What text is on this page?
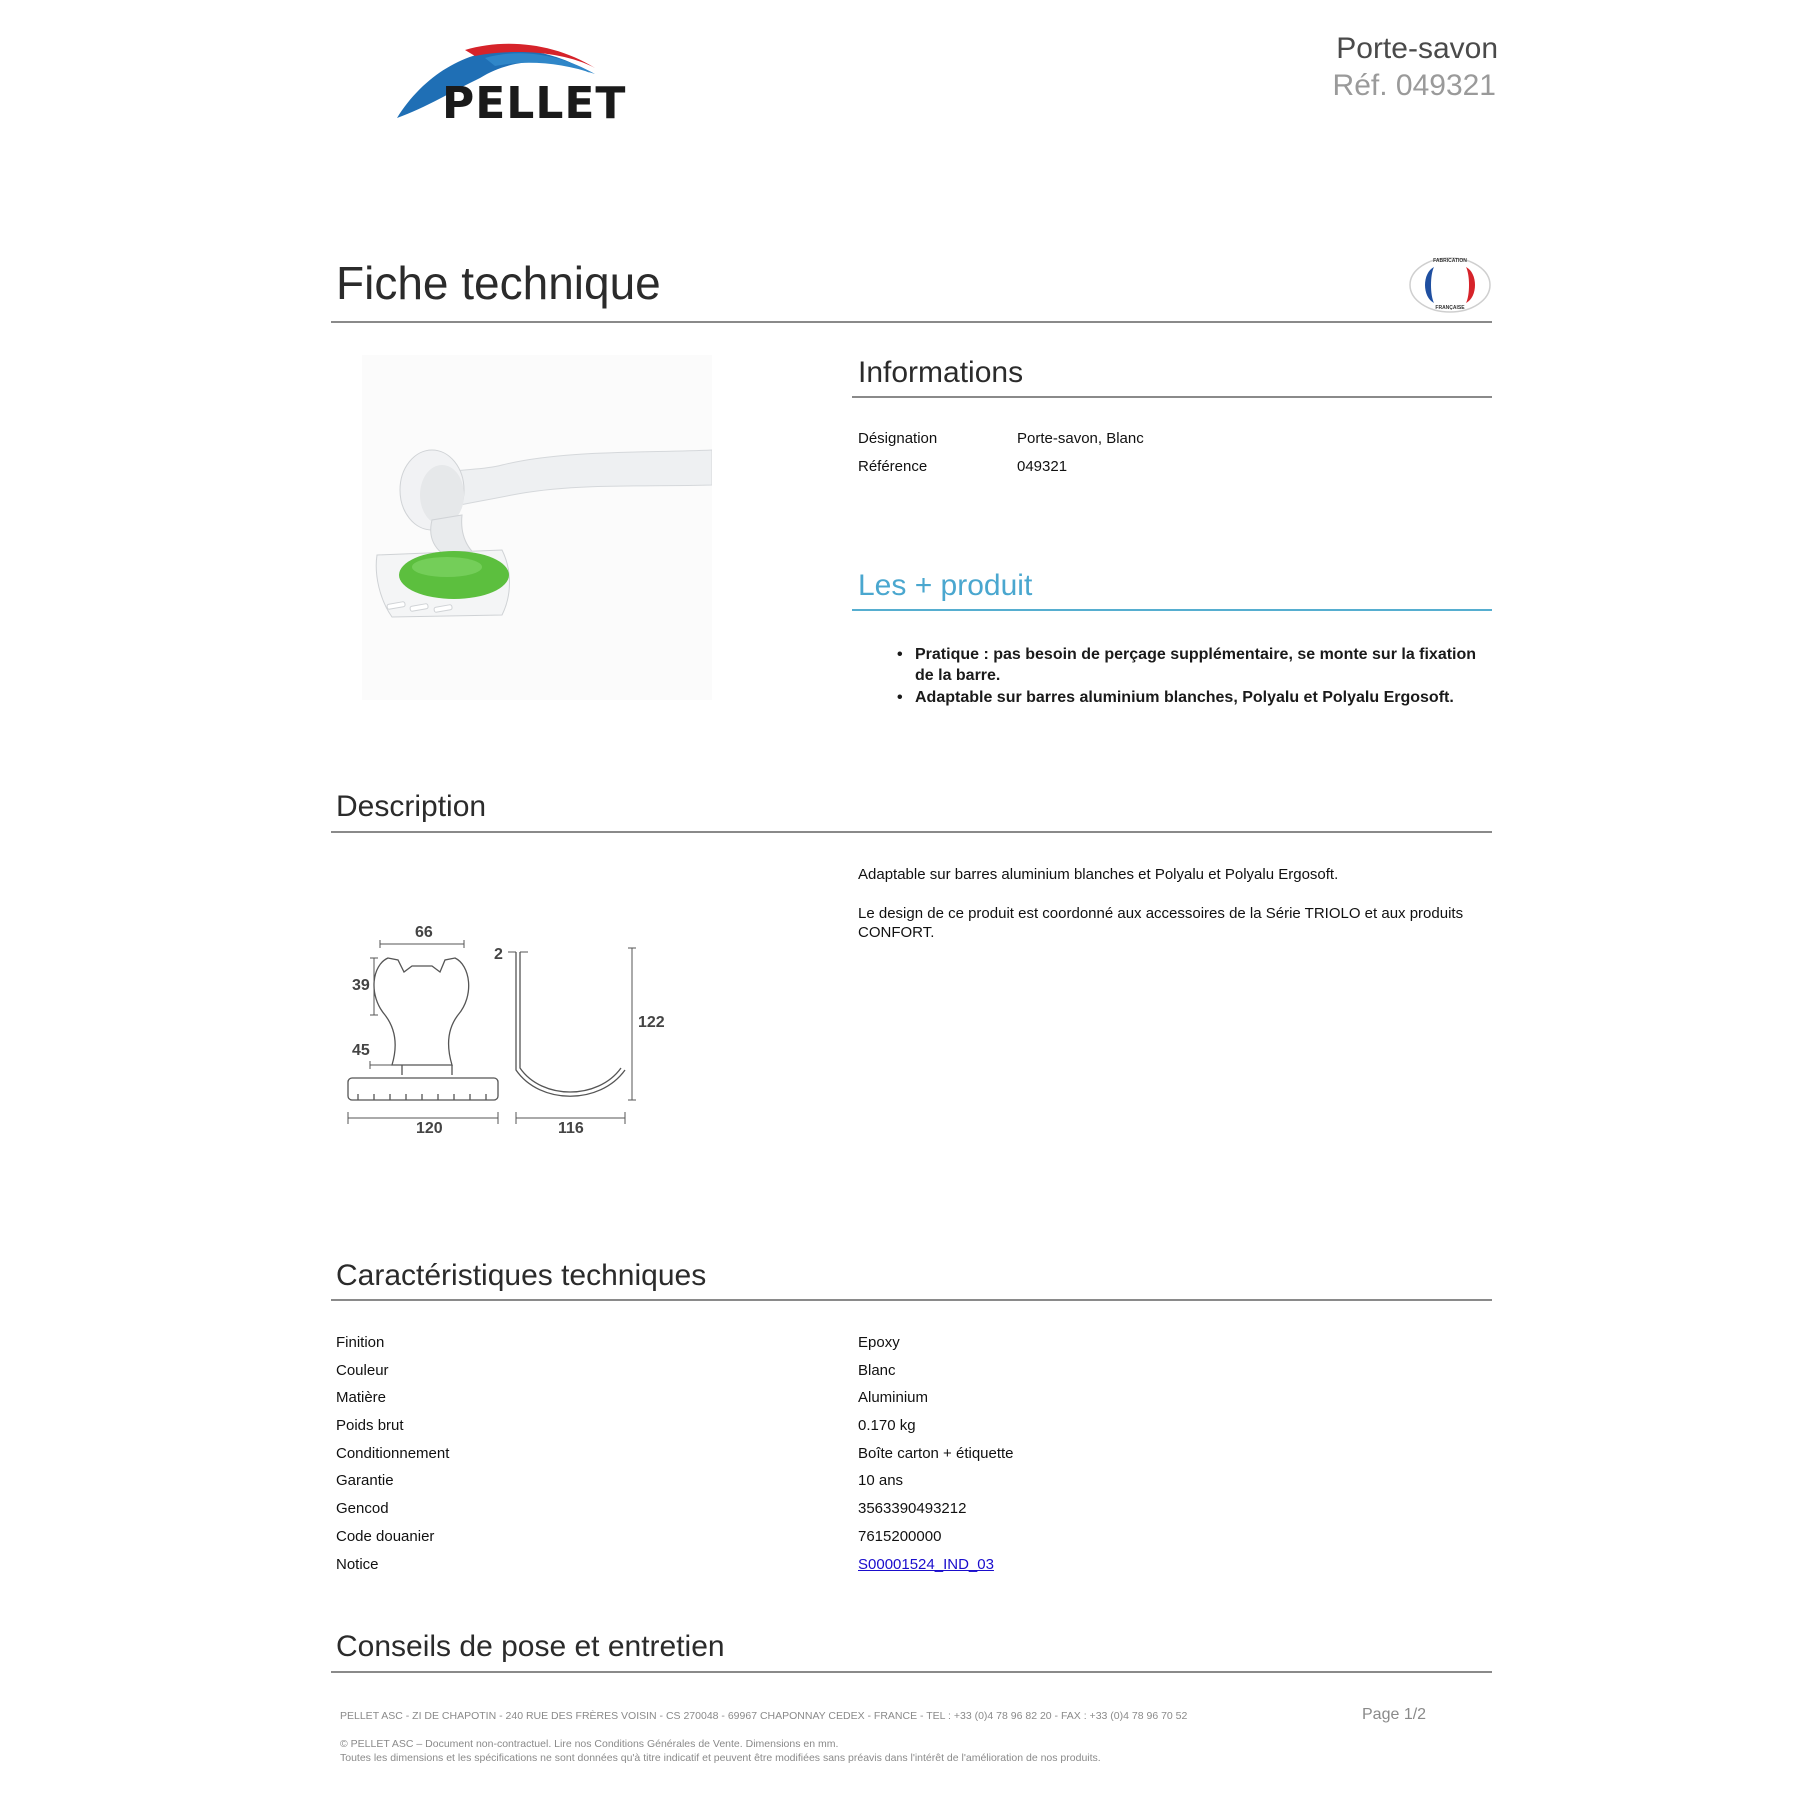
PELLET
Porte-savon
Réf. 049321
Fiche technique	FABRICATION
FRANÇAISE
Informations
Désignation	Porte-savon, Blanc
Référence	049321
Les + produit
• Pratique : pas besoin de perçage supplémentaire, se monte sur la fixation de la barre.
• Adaptable sur barres aluminium blanches, Polyalu et Polyalu Ergosoft.
Description
Adaptable sur barres aluminium blanches et Polyalu et Polyalu Ergosoft.
Le design de ce produit est coordonné aux accessoires de la Série TRIOLO et aux produits CONFORT.
66
39
45
2
122
120	116
Caractéristiques techniques
Finition	Epoxy
Couleur	Blanc
Matière	Aluminium
Poids brut	0.170 kg
Conditionnement	Boîte carton + étiquette
Garantie	10 ans
Gencod	3563390493212
Code douanier	7615200000
Notice	S00001524_IND_03
Conseils de pose et entretien
PELLET ASC - ZI DE CHAPOTIN - 240 RUE DES FRÈRES VOISIN - CS 270048 - 69967 CHAPONNAY CEDEX - FRANCE - TEL : +33 (0)4 78 96 82 20 - FAX : +33 (0)4 78 96 70 52	Page 1/2
© PELLET ASC – Document non-contractuel. Lire nos Conditions Générales de Vente. Dimensions en mm.
Toutes les dimensions et les spécifications ne sont données qu'à titre indicatif et peuvent être modifiées sans préavis dans l'intérêt de l'amélioration de nos produits.
